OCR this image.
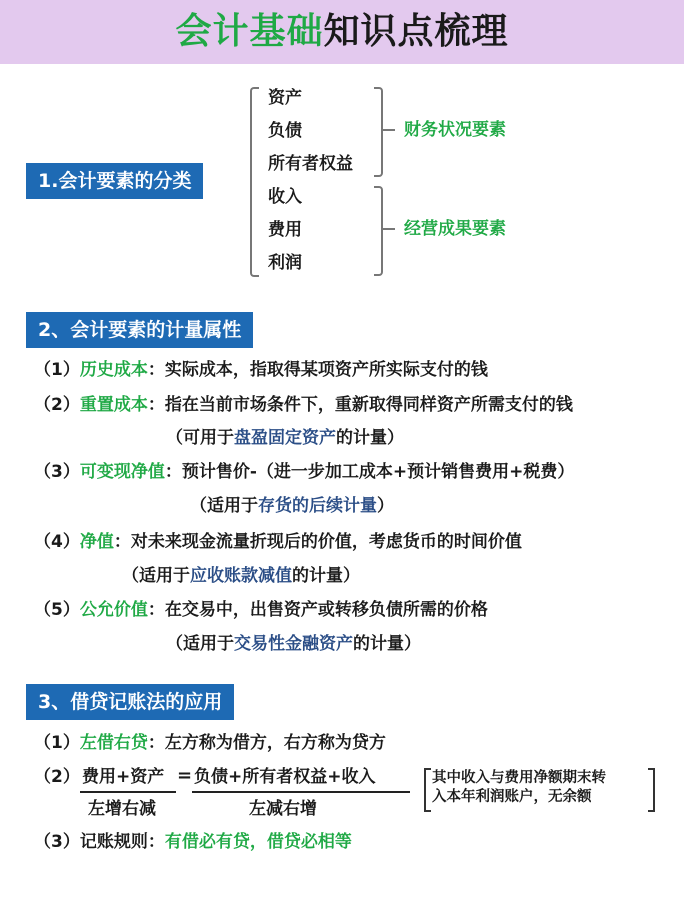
会计基础知识点梳理
1.会计要素的分类
资产
负债
所有者权益
收入
费用
利润
财务状况要素
经营成果要素
2、会计要素的计量属性
（1）历史成本：实际成本，指取得某项资产所实际支付的钱
（2）重置成本：指在当前市场条件下，重新取得同样资产所需支付的钱
（可用于盘盈固定资产的计量）
（3）可变现净值：预计售价-（进一步加工成本+预计销售费用+税费）
（适用于存货的后续计量）
（4）净值：对未来现金流量折现后的价值，考虑货币的时间价值
（适用于应收账款减值的计量）
（5）公允价值：在交易中，出售资产或转移负债所需的价格
（适用于交易性金融资产的计量）
3、借贷记账法的应用
（1）左借右贷：左方称为借方，右方称为贷方
（2） 费用+资产 = 负债+所有者权益+收入
左增右减	左减右增
其中收入与费用净额期末转
入本年利润账户，无余额
（3）记账规则：有借必有贷，借贷必相等
